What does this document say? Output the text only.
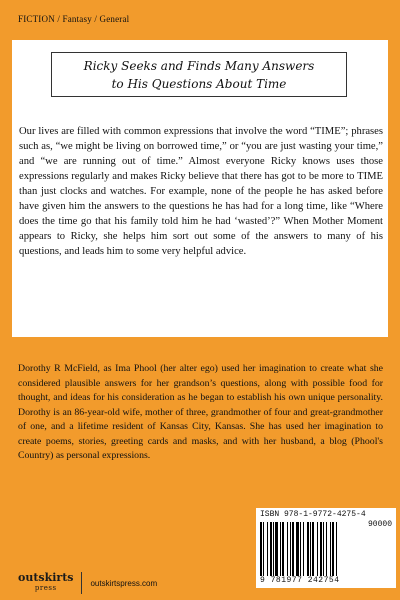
FICTION / Fantasy / General
Ricky Seeks and Finds Many Answers
to His Questions About Time

Our lives are filled with common expressions that involve the word “TIME”; phrases such as, “we might be living on borrowed time,” or “you are just wasting your time,” and “we are running out of time.” Almost everyone Ricky knows uses those expressions regularly and makes Ricky believe that there has got to be more to TIME than just clocks and watches. For example, none of the people he has asked before have given him the answers to the questions he has had for a long time, like “Where does the time go that his family told him he had ‘wasted’?” When Mother Moment appears to Ricky, she helps him sort out some of the answers to many of his questions, and leads him to some very helpful advice.

Dorothy R McField, as Ima Phool (her alter ego) used her imagination to create what she considered plausible answers for her grandson’s questions, along with possible food for thought, and ideas for his consideration as he began to establish his own unique personality. Dorothy is an 86-year-old wife, mother of three, grandmother of four and great-grandmother of one, and a lifetime resident of Kansas City, Kansas. She has used her imagination to create poems, stories, greeting cards and masks, and with her husband, a blog (Phool's Country) as personal expressions.

ISBN 978-1-9772-4275-4
90000
9 781977 242754
outskirts
press
outskirtspress.com
